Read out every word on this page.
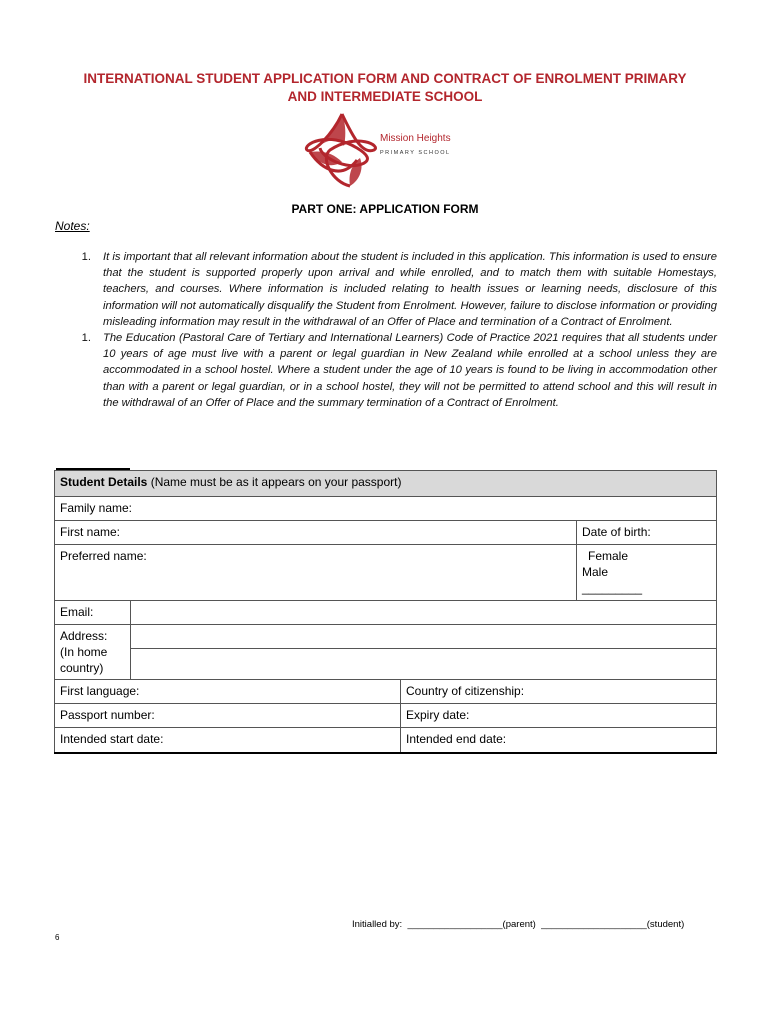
INTERNATIONAL STUDENT APPLICATION FORM AND CONTRACT OF ENROLMENT PRIMARY
AND INTERMEDIATE SCHOOL
Mission Heights
PRIMARY SCHOOL
PART ONE: APPLICATION FORM
Notes:
1.	It is important that all relevant information about the student is included in this application. This information is used to ensure that the student is supported properly upon arrival and while enrolled, and to match them with suitable Homestays, teachers, and courses. Where information is included relating to health issues or learning needs, disclosure of this information will not automatically disqualify the Student from Enrolment. However, failure to disclose information or providing misleading information may result in the withdrawal of an Offer of Place and termination of a Contract of Enrolment.
1.	The Education (Pastoral Care of Tertiary and International Learners) Code of Practice 2021 requires that all students under 10 years of age must live with a parent or legal guardian in New Zealand while enrolled at a school unless they are accommodated in a school hostel. Where a student under the age of 10 years is found to be living in accommodation other than with a parent or legal guardian, or in a school hostel, they will not be permitted to attend school and this will result in the withdrawal of an Offer of Place and the summary termination of a Contract of Enrolment.
Student Details (Name must be as it appears on your passport)			
Family name:			
First name:			Date of birth:
Preferred name:			Female
Male
_________

Email:			

Address:
(In home
country)			

First language:		Country of citizenship:	
Passport number:		Expiry date:	
Intended start date:		Intended end date:	
Initialled by:  __________________(parent)  ____________________(student)
6
